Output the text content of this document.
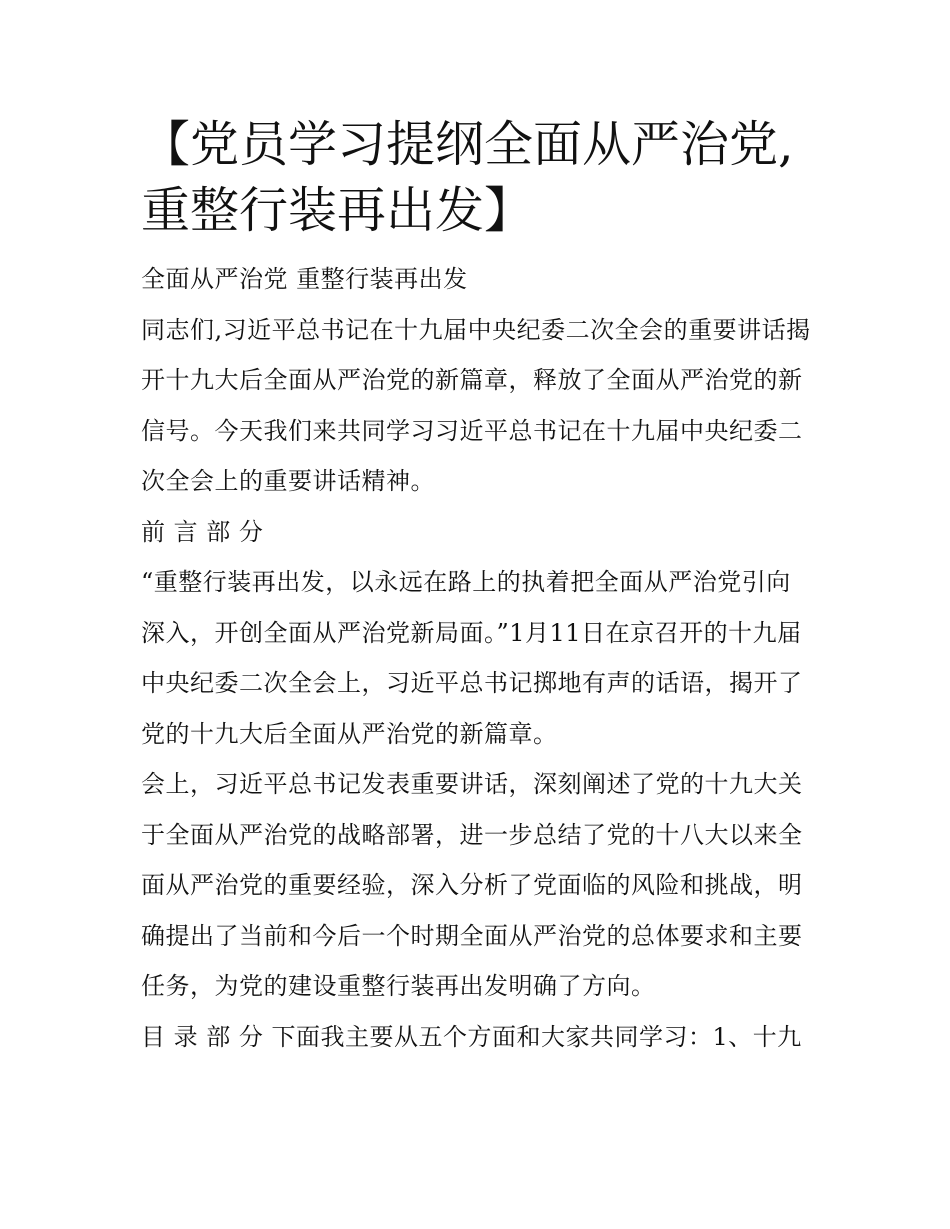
【党员学习提纲全面从严治党,重整行装再出发】

全面从严治党 重整行装再出发

同志们,习近平总书记在十九届中央纪委二次全会的重要讲话揭开十九大后全面从严治党的新篇章，释放了全面从严治党的新信号。今天我们来共同学习习近平总书记在十九届中央纪委二次全会上的重要讲话精神。

前 言 部 分

“重整行装再出发，以永远在路上的执着把全面从严治党引向深入，开创全面从严治党新局面。”1月11日在京召开的十九届中央纪委二次全会上，习近平总书记掷地有声的话语，揭开了党的十九大后全面从严治党的新篇章。

会上，习近平总书记发表重要讲话，深刻阐述了党的十九大关于全面从严治党的战略部署，进一步总结了党的十八大以来全面从严治党的重要经验，深入分析了党面临的风险和挑战，明确提出了当前和今后一个时期全面从严治党的总体要求和主要任务，为党的建设重整行装再出发明确了方向。

目 录 部 分 下面我主要从五个方面和大家共同学习：1、十九
